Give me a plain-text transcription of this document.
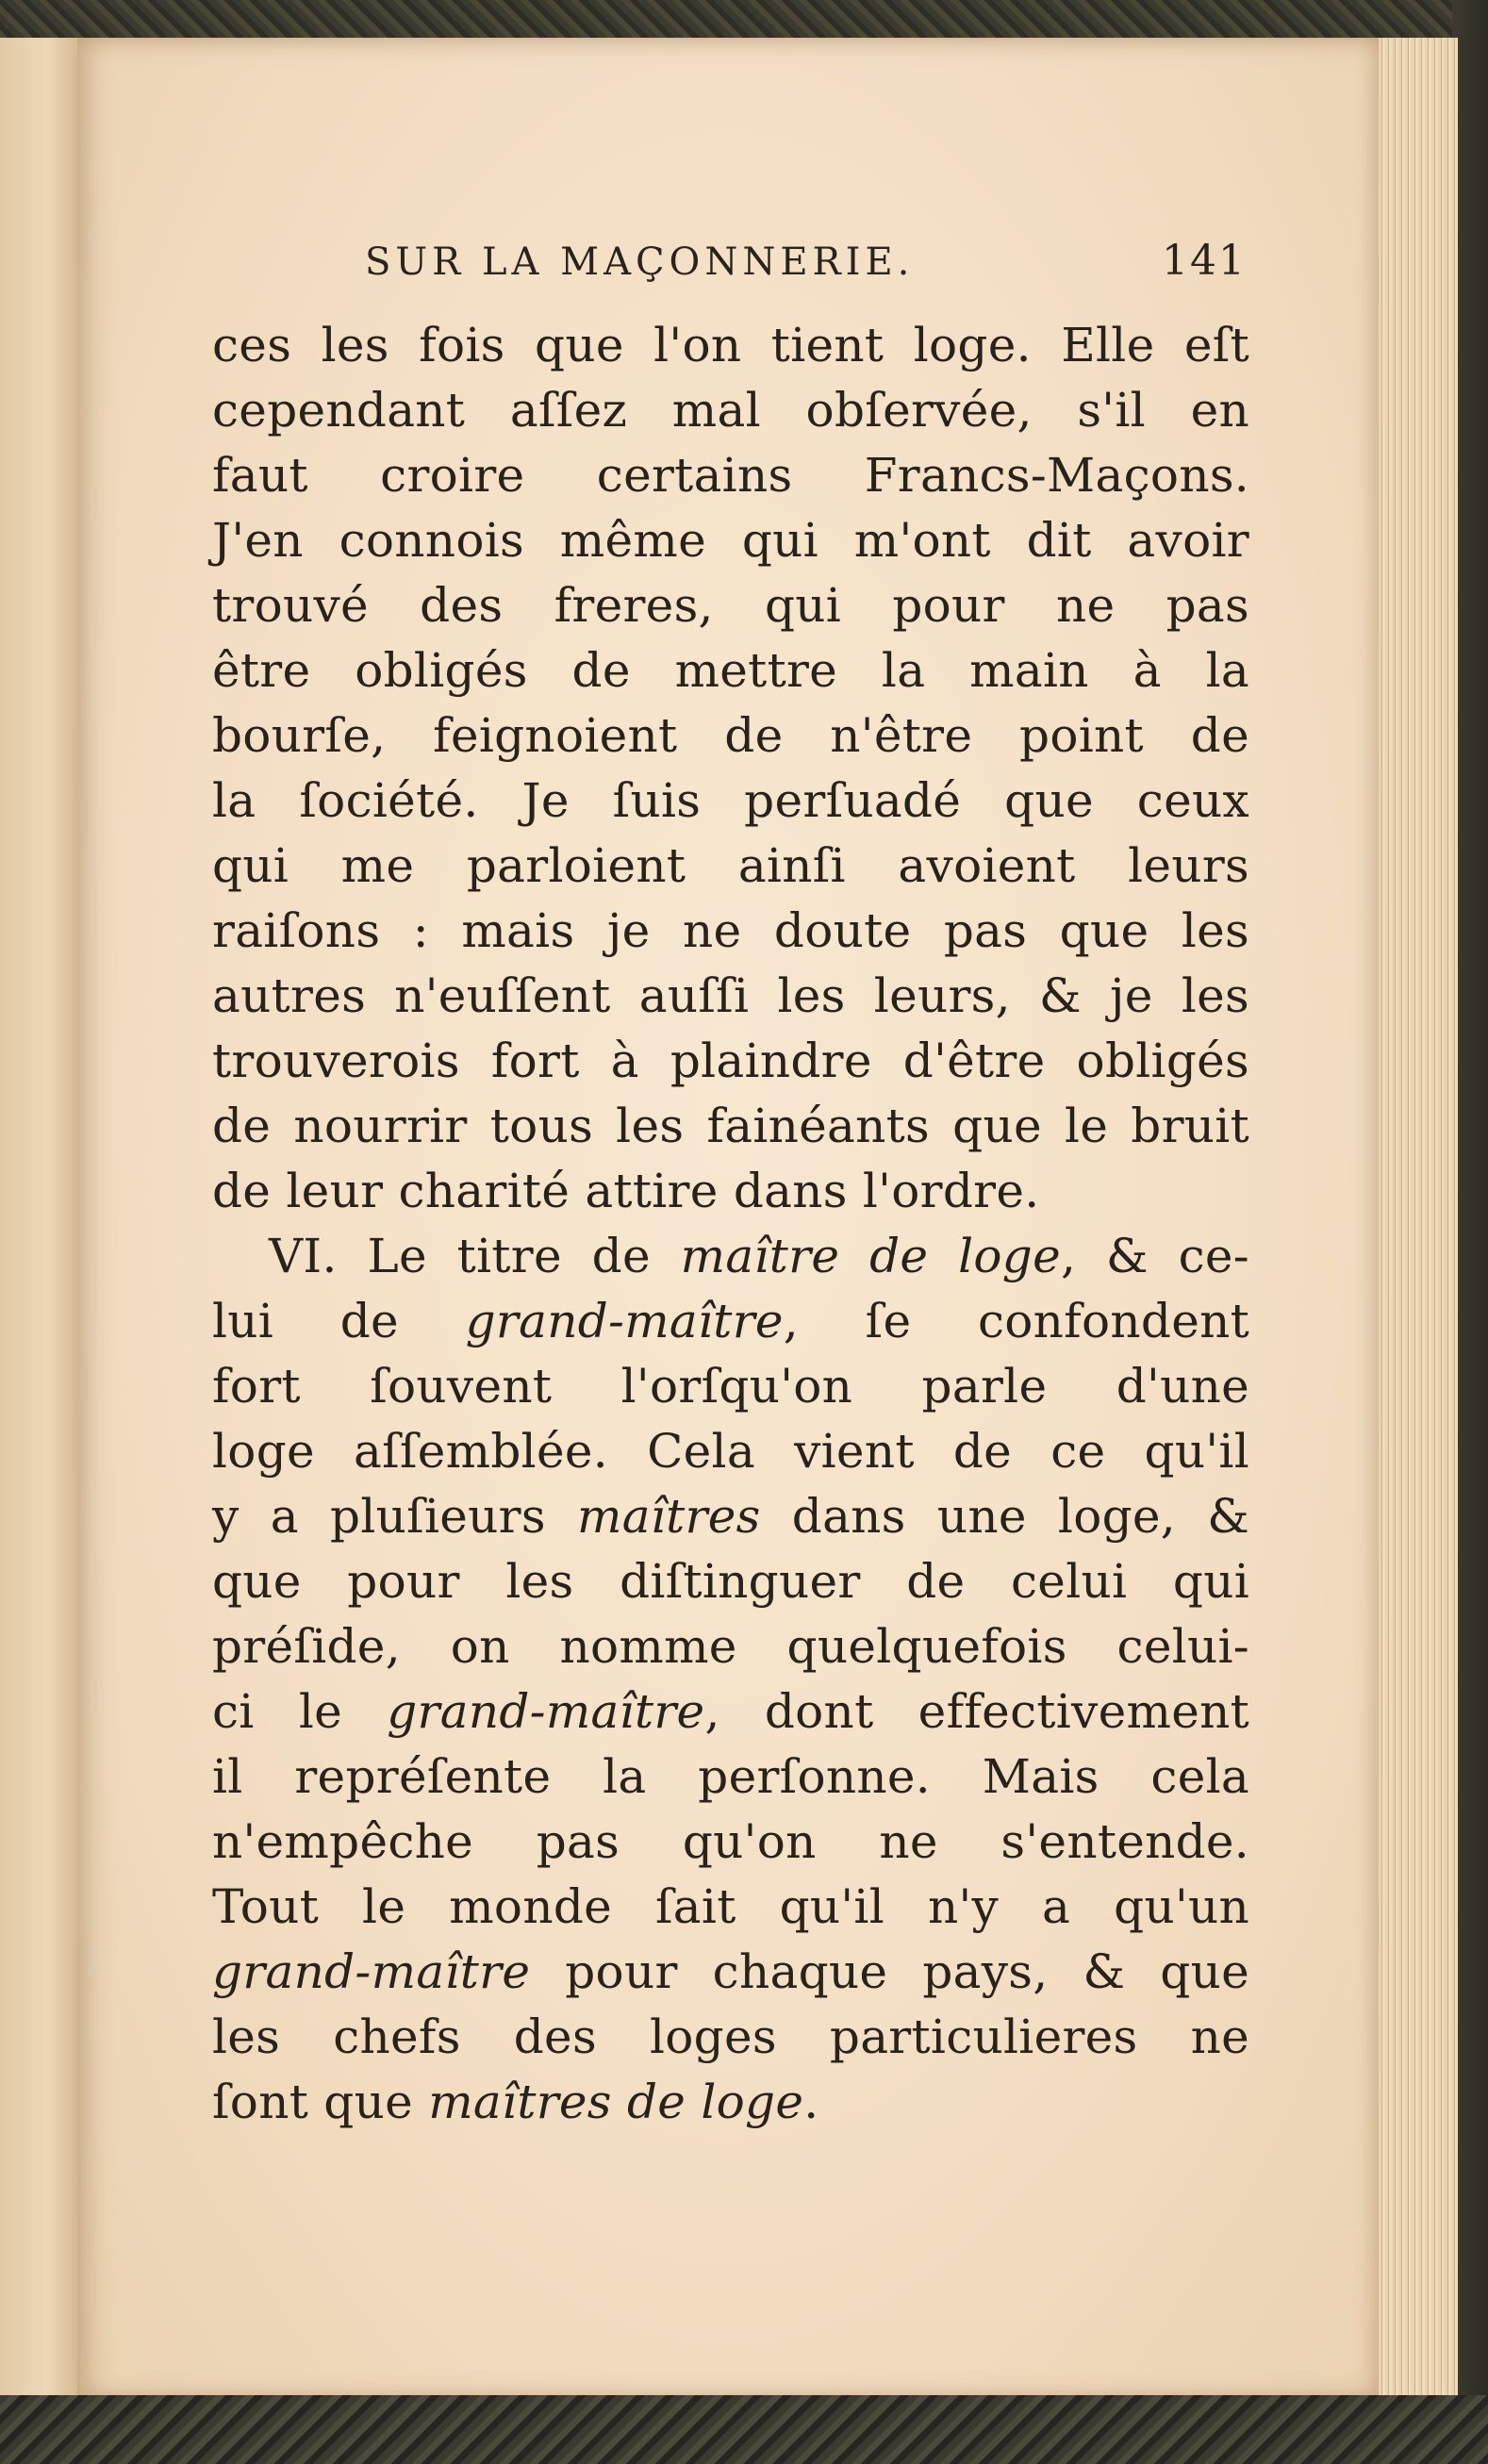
SUR LA MAÇONNERIE.	141
ces les fois que l'on tient loge. Elle eſt
cependant aſſez mal obſervée, s'il en
faut croire certains Francs-Maçons.
J'en connois même qui m'ont dit avoir
trouvé des freres, qui pour ne pas
être obligés de mettre la main à la
bourſe, feignoient de n'être point de
la ſociété. Je ſuis perſuadé que ceux
qui me parloient ainſi avoient leurs
raiſons : mais je ne doute pas que les
autres n'euſſent auſſi les leurs, & je les
trouverois fort à plaindre d'être obligés
de nourrir tous les fainéants que le bruit
de leur charité attire dans l'ordre.
VI. Le titre de maître de loge, & ce-
lui de grand-maître, ſe confondent
fort ſouvent l'orſqu'on parle d'une
loge aſſemblée. Cela vient de ce qu'il
y a pluſieurs maîtres dans une loge, &
que pour les diſtinguer de celui qui
préſide, on nomme quelquefois celui-
ci le grand-maître, dont effectivement
il repréſente la perſonne. Mais cela
n'empêche pas qu'on ne s'entende.
Tout le monde ſait qu'il n'y a qu'un
grand-maître pour chaque pays, & que
les chefs des loges particulieres ne
ſont que maîtres de loge.
